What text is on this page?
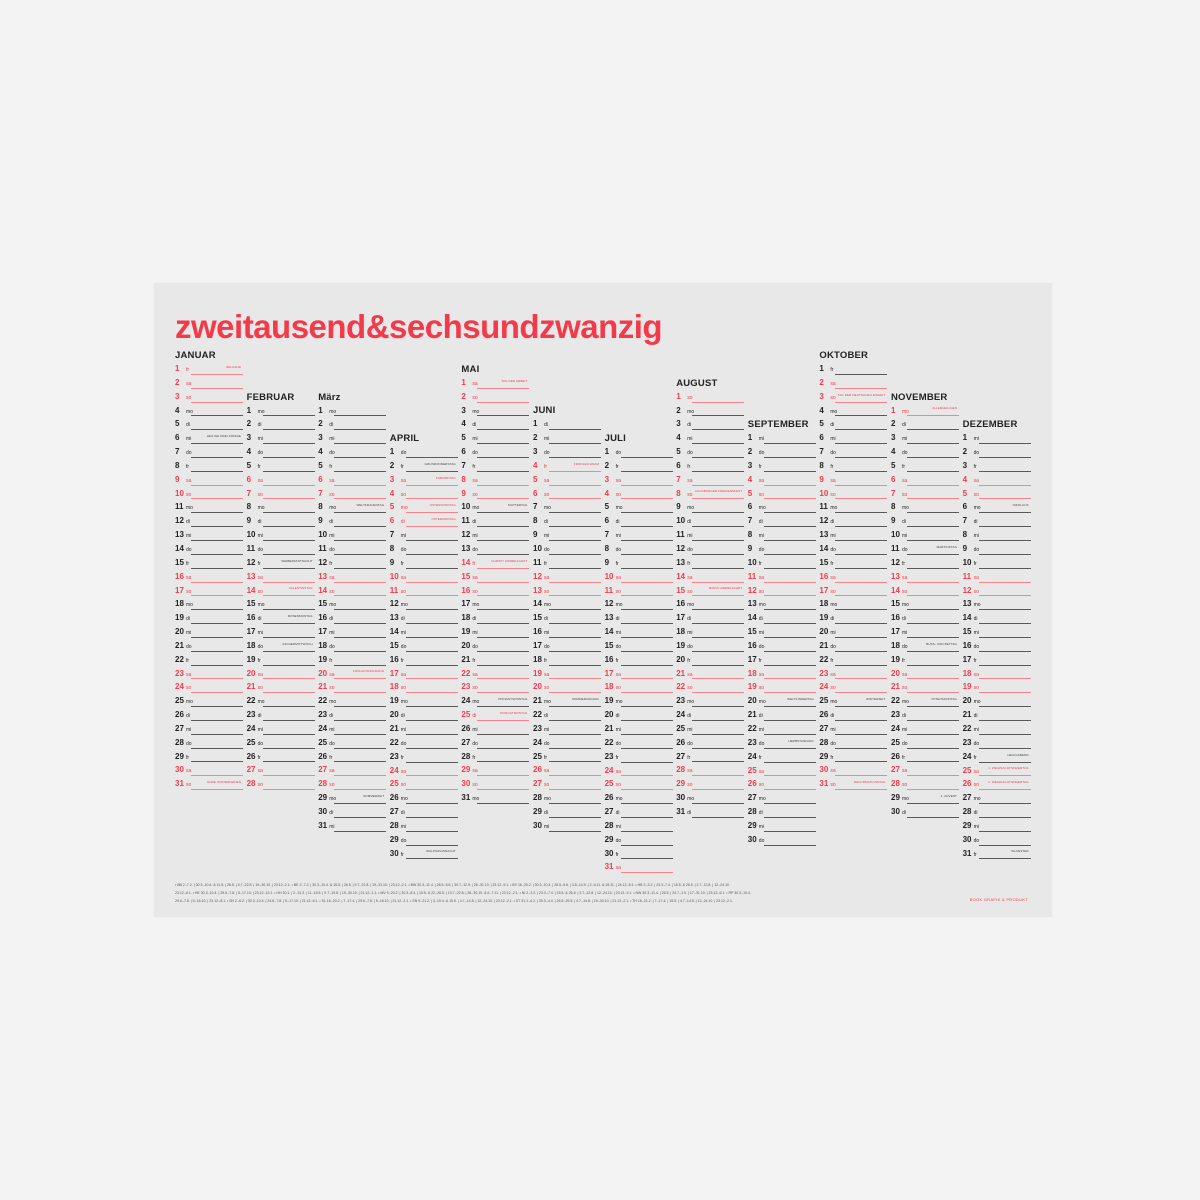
zweitausend&sechsundzwanzig
JANUAR
1 fr
NEUJAHR
2 sa
3 so
4 mo
5 di
6 mi
HEILIGE DREI KÖNIGE
7 do
8 fr
9 sa
10 so
11 mo
12 di
13 mi
14 do
15 fr
16 sa
17 so
18 mo
19 di
20 mi
21 do
22 fr
23 sa
24 so
25 mo
26 di
27 mi
28 do
29 fr
30 sa
31 so
ENDE WINTERFERIEN
FEBRUAR
1 mo
2 di
3 mi
4 do
5 fr
6 sa
7 so
8 mo
9 di
10 mi
11 do
12 fr
WEIBERFASTNACHT
13 sa
14 so
VALENTINSTAG
15 mo
16 di
ROSENMONTAG
17 mi
18 do
ASCHERMITTWOCH
19 fr
20 sa
21 so
22 mo
23 di
24 mi
25 do
26 fr
27 sa
28 so
März
1 mo
2 di
3 mi
4 do
5 fr
6 sa
7 so
8 mo
WELTFRAUENTAG
9 di
10 mi
11 do
12 fr
13 sa
14 so
15 mo
16 di
17 mi
18 do
19 fr
20 sa
FRÜHLINGSANFANG
21 so
22 mo
23 di
24 mi
25 do
26 fr
27 sa
28 so
29 mo
SOMMERZEIT
30 di
31 mi
APRIL
1 do
2 fr
GRÜNDONNERSTAG
3 sa
KARFREITAG
4 so
5 mo
OSTERSONNTAG
6 di
OSTERMONTAG
7 mi
8 do
9 fr
10 sa
11 so
12 mo
13 di
14 mi
15 do
16 fr
17 sa
18 so
19 mo
20 di
21 mi
22 do
23 fr
24 sa
25 so
26 mo
27 di
28 mi
29 do
30 fr
WALPURGISNACHT
MAI
1 sa
TAG DER ARBEIT
2 so
3 mo
4 di
5 mi
6 do
7 fr
8 sa
9 so
10 mo
MUTTERTAG
11 di
12 mi
13 do
14 fr
CHRISTI HIMMELFAHRT
15 sa
16 so
17 mo
18 di
19 mi
20 do
21 fr
22 sa
23 so
24 mo
PFINGSTSONNTAG
25 di
PFINGSTMONTAG
26 mi
27 do
28 fr
29 sa
30 so
31 mo
JUNI
1 di
2 mi
3 do
4 fr
FRONLEICHNAM
5 sa
6 so
7 mo
8 di
9 mi
10 do
11 fr
12 sa
13 so
14 mo
15 di
16 mi
17 do
18 fr
19 sa
20 so
21 mo
SOMMERANFANG
22 di
23 mi
24 do
25 fr
26 sa
27 so
28 mo
29 di
30 mi
JULI
1 do
2 fr
3 sa
4 so
5 mo
6 di
7 mi
8 do
9 fr
10 sa
11 so
12 mo
13 di
14 mi
15 do
16 fr
17 sa
18 so
19 mo
20 di
21 mi
22 do
23 fr
24 sa
25 so
26 mo
27 di
28 mi
29 do
30 fr
31 sa
AUGUST
1 so
2 mo
3 di
4 mi
5 do
6 fr
7 sa
8 so
AUGSBURGER FRIEDENSFEST
9 mo
10 di
11 mi
12 do
13 fr
14 sa
15 so
MARIÄ HIMMELFAHRT
16 mo
17 di
18 mi
19 do
20 fr
21 sa
22 so
23 mo
24 di
25 mi
26 do
27 fr
28 sa
29 so
30 mo
31 di
SEPTEMBER
1 mi
2 do
3 fr
4 sa
5 so
6 mo
7 di
8 mi
9 do
10 fr
11 sa
12 so
13 mo
14 di
15 mi
16 do
17 fr
18 sa
19 so
20 mo
WELTKINDERTAG
21 di
22 mi
23 do
HERBSTANFANG
24 fr
25 sa
26 so
27 mo
28 di
29 mi
30 do
OKTOBER
1 fr
2 sa
3 so
TAG DER DEUTSCHEN EINHEIT
4 mo
5 di
6 mi
7 do
8 fr
9 sa
10 so
11 mo
12 di
13 mi
14 do
15 fr
16 sa
17 so
18 mo
19 di
20 mi
21 do
22 fr
23 sa
24 so
25 mo
WINTERZEIT
26 di
27 mi
28 do
29 fr
30 sa
31 so
REFORMATIONSTAG
NOVEMBER
1 mo
ALLERHEILIGEN
2 di
3 mi
4 do
5 fr
6 sa
7 so
8 mo
9 di
10 mi
11 do
MARTINSTAG
12 fr
13 sa
14 so
15 mo
16 di
17 mi
18 do
BUSS- UND BETTAG
19 fr
20 sa
21 so
22 mo
TOTENSONNTAG
23 di
24 mi
25 do
26 fr
27 sa
28 so
29 mo
1. ADVENT
30 di
DEZEMBER
1 mi
2 do
3 fr
4 sa
5 so
6 mo
NIKOLAUS
7 di
8 mi
9 do
10 fr
11 sa
12 so
13 mo
14 di
15 mi
16 do
17 fr
18 sa
19 so
20 mo
21 di
22 mi
23 do
24 fr
HEILIGABEND
25 sa
1. WEIHNACHTSFEIERTAG
26 so
2. WEIHNACHTSFEIERTAG
27 mo
28 di
29 mi
30 do
31 fr
SILVESTER
• BB 2.-7.2. | 30.3.-10.4. & 11.5. | 26.5. | 9.7.-22.8. | 19.-30.10. | 23.12.-2.1. • BE 2.-7.2. | 30.3.-10.4. & 15.5. | 26.5. | 9.7.-22.8. | 19.-31.10. | 23.12.-2.1. • BW 30.3.-11.4. | 26.5.-5.6. | 30.7.-12.9. | 26.-31.10. | 23.12.-9.1. • BY 16.-20.2. | 30.3.-10.4. | 26.5.-5.6. | 3.8.-14.9. | 2.-6.11. & 18.11. | 24.12.-8.1. • HB 2.-3.2. | 23.3.-7.4. | 15.5. & 26.5. | 2.7.-12.8. | 12.-24.10.
23.12.-6.1. • HE 30.3.-10.4. | 29.6.-7.8. | 5.-17.10. | 23.12.-12.1. • HH 30.1. | 2.-13.3. | 11.-15.5. | 9.7.-19.8. | 19.-30.10. | 21.12.-1.1. • MV 9.-20.2. | 30.3.-8.4. | 15.5. & 22.-26.5. | 13.7.-22.8. | 26.-30.10. & 6.-7.11. | 23.12.-2.1. • NI 2.-3.2. | 23.3.-7.4. | 15.5. & 26.5. | 2.7.-12.8. | 12.-24.10. | 23.12.-9.1. • NW 30.3.-11.4. | 26.5. | 20.7.-1.9. | 17.-31.10. | 23.12.-6.1. • RP 30.3.-10.4.
29.6.-7.8. | 5.-16.10. | 23.12.-8.1. • SH 2.-6.2. | 30.3.-10.4. | 24.6.-7.8. | 5.-17.10. | 21.12.-6.1. • SL 16.-20.2. | 7.-17.4. | 29.6.-7.8. | 5.-16.10. | 21.12.-2.1. • SN 9.-21.2. | 3.-10.4. & 15.5. | 4.7.-14.8. | 12.-24.10. | 23.12.-2.1. • ST 31.1.-6.2. | 30.3.-4.4. | 26.5.-29.5. | 4.7.-14.8. | 19.-30.10. | 21.12.-2.1. • TH 16.-21.2. | 7.-17.4. | 15.5. | 4.7.-14.8. | 12.-24.10. | 23.12.-2.1.	BOOK GRAFIK & PRODUKT
